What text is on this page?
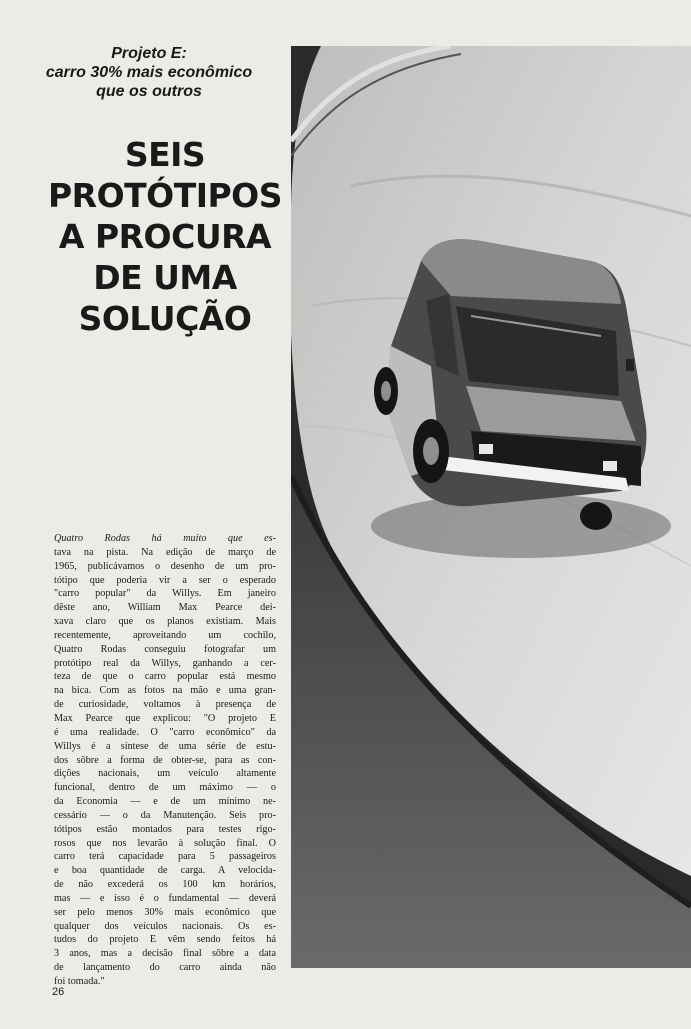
Projeto E:
carro 30% mais econômico
que os outros
SEIS
PROTÓTIPOS
A PROCURA
DE UMA
SOLUÇÃO
Quatro Rodas há muito que es-
tava na pista. Na edição de março de
1965, publicávamos o desenho de um pro-
tótipo que poderia vir a ser o esperado
"carro popular" da Willys. Em janeiro
dêste ano, William Max Pearce dei-
xava claro que os planos existiam. Mais
recentemente, aproveitando um cochilo,
Quatro Rodas conseguiu fotografar um
protótipo real da Willys, ganhando a cer-
teza de que o carro popular está mesmo
na bica. Com as fotos na mão e uma gran-
de curiosidade, voltamos à presença de
Max Pearce que explicou: "O projeto E
é uma realidade. O "carro econômico" da
Willys é a síntese de uma série de estu-
dos sôbre a forma de obter-se, para as con-
dições nacionais, um veículo altamente
funcional, dentro de um máximo — o
da Economia — e de um mínimo ne-
cessário — o da Manutenção. Seis pro-
tótipos estão montados para testes rigo-
rosos que nos levarão à solução final. O
carro terá capacidade para 5 passageiros
e boa quantidade de carga. A velocida-
de não excederá os 100 km horários,
mas — e isso é o fundamental — deverá
ser pelo menos 30% mais econômico que
qualquer dos veículos nacionais. Os es-
tudos do projeto E vêm sendo feitos há
3 anos, mas a decisão final sôbre a data
de lançamento do carro ainda não
foi tomada."
26
